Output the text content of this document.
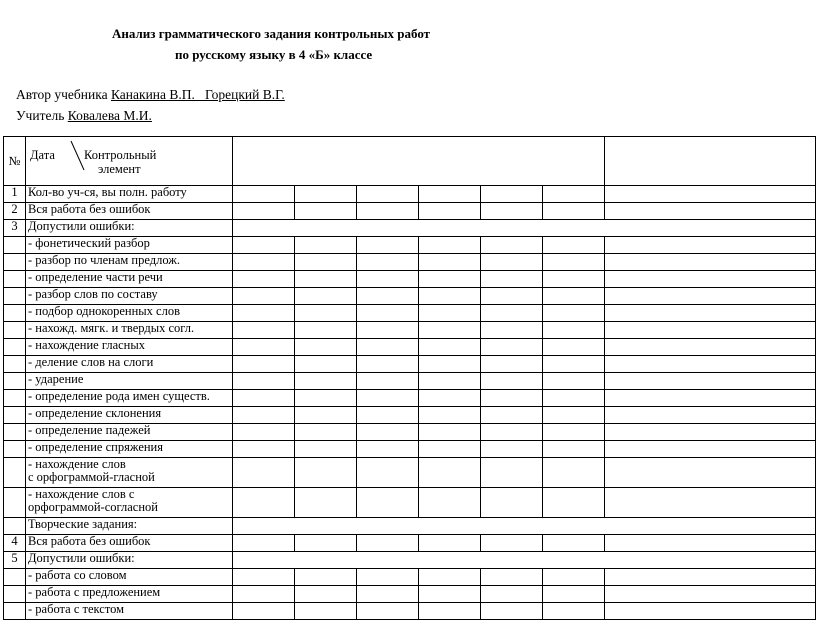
Анализ грамматического задания контрольных работ
по русскому языку в 4 «Б» классе
Автор учебника Канакина В.П.   Горецкий В.Г.
Учитель Ковалева М.И.
№	Дата Контрольный
элемент							

1	Кол-во уч-ся, вы полн. работу							
2	Вся работа без ошибок							
3	Допустили ошибки:							
	- фонетический разбор							
	- разбор по членам предлож.							
	- определение части речи							
	- разбор слов по составу							
	- подбор однокоренных слов							
	- нахожд. мягк. и твердых согл.							
	- нахождение гласных							
	- деление слов на слоги							
	- ударение							
	- определение рода имен существ.							
	- определение склонения							
	- определение падежей							
	- определение спряжения							
	- нахождение слов
с орфограммой-гласной							
	- нахождение слов с
орфограммой-согласной							
	Творческие задания:							
4	Вся работа без ошибок							
5	Допустили ошибки:							
	- работа со словом							
	- работа с предложением							
	- работа с текстом							
